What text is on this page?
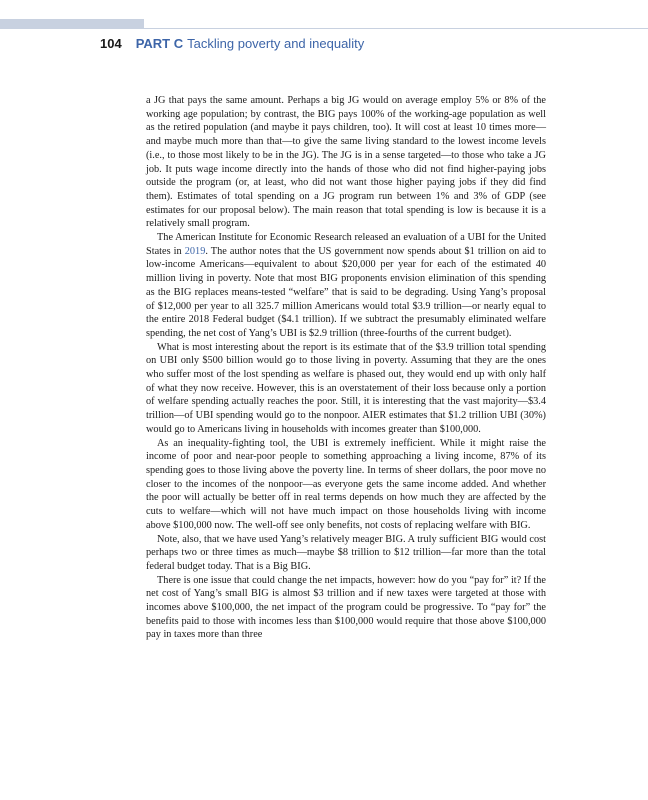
104 PART C Tackling poverty and inequality

a JG that pays the same amount. Perhaps a big JG would on average employ 5% or 8% of the working age population; by contrast, the BIG pays 100% of the working-age population as well as the retired population (and maybe it pays children, too). It will cost at least 10 times more—and maybe much more than that—to give the same living standard to the lowest income levels (i.e., to those most likely to be in the JG). The JG is in a sense targeted—to those who take a JG job. It puts wage income directly into the hands of those who did not find higher-paying jobs outside the program (or, at least, who did not want those higher paying jobs if they did find them). Estimates of total spending on a JG program run between 1% and 3% of GDP (see estimates for our proposal below). The main reason that total spending is low is because it is a relatively small program.

The American Institute for Economic Research released an evaluation of a UBI for the United States in 2019. The author notes that the US government now spends about $1 trillion on aid to low-income Americans—equivalent to about $20,000 per year for each of the estimated 40 million living in poverty. Note that most BIG proponents envision elimination of this spending as the BIG replaces means-tested “welfare” that is said to be degrading. Using Yang’s proposal of $12,000 per year to all 325.7 million Americans would total $3.9 trillion—or nearly equal to the entire 2018 Federal budget ($4.1 trillion). If we subtract the presumably eliminated welfare spending, the net cost of Yang’s UBI is $2.9 trillion (three-fourths of the current budget).

What is most interesting about the report is its estimate that of the $3.9 trillion total spending on UBI only $500 billion would go to those living in poverty. Assuming that they are the ones who suffer most of the lost spending as welfare is phased out, they would end up with only half of what they now receive. However, this is an overstatement of their loss because only a portion of welfare spending actually reaches the poor. Still, it is interesting that the vast majority—$3.4 trillion—of UBI spending would go to the nonpoor. AIER estimates that $1.2 trillion UBI (30%) would go to Americans living in households with incomes greater than $100,000.

As an inequality-fighting tool, the UBI is extremely inefficient. While it might raise the income of poor and near-poor people to something approaching a living income, 87% of its spending goes to those living above the poverty line. In terms of sheer dollars, the poor move no closer to the incomes of the nonpoor—as everyone gets the same income added. And whether the poor will actually be better off in real terms depends on how much they are affected by the cuts to welfare—which will not have much impact on those households living with income above $100,000 now. The well-off see only benefits, not costs of replacing welfare with BIG.

Note, also, that we have used Yang’s relatively meager BIG. A truly sufficient BIG would cost perhaps two or three times as much—maybe $8 trillion to $12 trillion—far more than the total federal budget today. That is a Big BIG.

There is one issue that could change the net impacts, however: how do you “pay for” it? If the net cost of Yang’s small BIG is almost $3 trillion and if new taxes were targeted at those with incomes above $100,000, the net impact of the program could be progressive. To “pay for” the benefits paid to those with incomes less than $100,000 would require that those above $100,000 pay in taxes more than three
